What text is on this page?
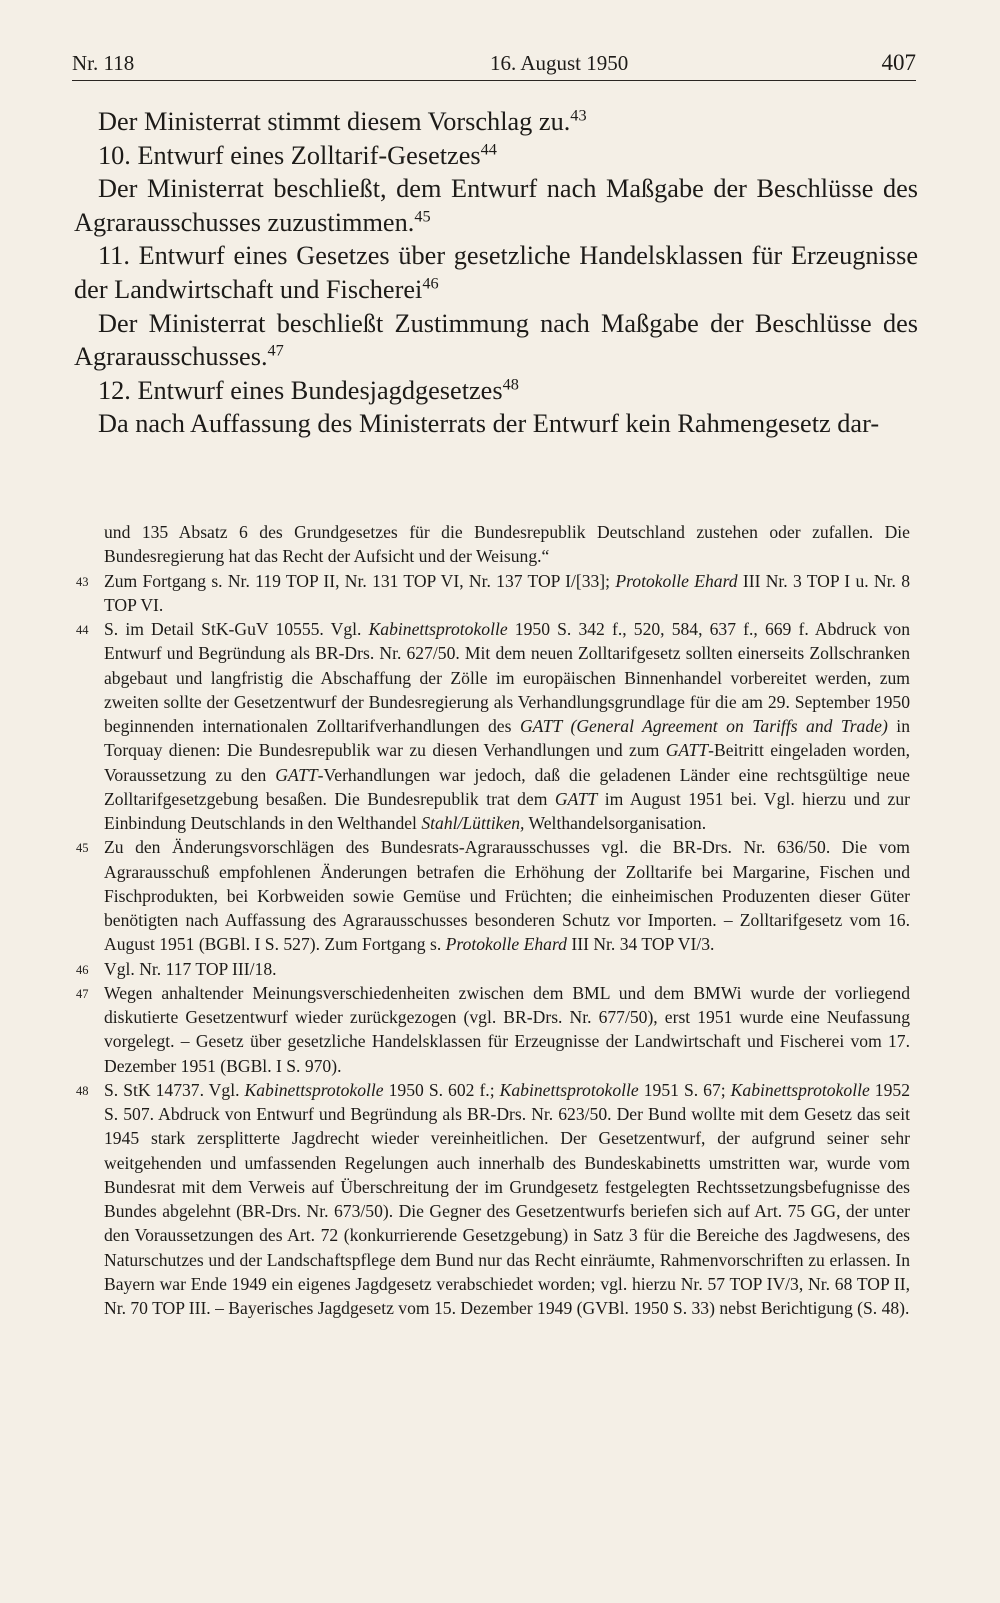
Nr. 118	16. August 1950	407

Der Ministerrat stimmt diesem Vorschlag zu.$^{43}$

10. Entwurf eines Zolltarif-Gesetzes$^{44}$

Der Ministerrat beschließt, dem Entwurf nach Maßgabe der Beschlüsse des Agrarausschusses zuzustimmen.$^{45}$

11. Entwurf eines Gesetzes über gesetzliche Handelsklassen für Erzeugnisse der Landwirtschaft und Fischerei$^{46}$

Der Ministerrat beschließt Zustimmung nach Maßgabe der Beschlüsse des Agrarausschusses.$^{47}$

12. Entwurf eines Bundesjagdgesetzes$^{48}$

Da nach Auffassung des Ministerrats der Entwurf kein Rahmengesetz dar-

und 135 Absatz 6 des Grundgesetzes für die Bundesrepublik Deutschland zustehen oder zufallen. Die Bundesregierung hat das Recht der Aufsicht und der Weisung.“
43 Zum Fortgang s. Nr. 119 TOP II, Nr. 131 TOP VI, Nr. 137 TOP I/[33]; Protokolle Ehard III Nr. 3 TOP I u. Nr. 8 TOP VI.
44 S. im Detail StK-GuV 10555. Vgl. Kabinettsprotokolle 1950 S. 342 f., 520, 584, 637 f., 669 f. Abdruck von Entwurf und Begründung als BR-Drs. Nr. 627/50. Mit dem neuen Zolltarifgesetz sollten einerseits Zollschranken abgebaut und langfristig die Abschaffung der Zölle im europäischen Binnenhandel vorbereitet werden, zum zweiten sollte der Gesetzentwurf der Bundesregierung als Verhandlungsgrundlage für die am 29. September 1950 beginnenden internationalen Zolltarifverhandlungen des GATT (General Agreement on Tariffs and Trade) in Torquay dienen: Die Bundesrepublik war zu diesen Verhandlungen und zum GATT-Beitritt eingeladen worden, Voraussetzung zu den GATT-Verhandlungen war jedoch, daß die geladenen Länder eine rechtsgültige neue Zolltarifgesetzgebung besaßen. Die Bundesrepublik trat dem GATT im August 1951 bei. Vgl. hierzu und zur Einbindung Deutschlands in den Welthandel Stahl/Lüttiken, Welthandelsorganisation.
45 Zu den Änderungsvorschlägen des Bundesrats-Agrarausschusses vgl. die BR-Drs. Nr. 636/50. Die vom Agrarausschuß empfohlenen Änderungen betrafen die Erhöhung der Zolltarife bei Margarine, Fischen und Fischprodukten, bei Korbweiden sowie Gemüse und Früchten; die einheimischen Produzenten dieser Güter benötigten nach Auffassung des Agrarausschusses besonderen Schutz vor Importen. – Zolltarifgesetz vom 16. August 1951 (BGBl. I S. 527). Zum Fortgang s. Protokolle Ehard III Nr. 34 TOP VI/3.
46 Vgl. Nr. 117 TOP III/18.
47 Wegen anhaltender Meinungsverschiedenheiten zwischen dem BML und dem BMWi wurde der vorliegend diskutierte Gesetzentwurf wieder zurückgezogen (vgl. BR-Drs. Nr. 677/50), erst 1951 wurde eine Neufassung vorgelegt. – Gesetz über gesetzliche Handelsklassen für Erzeugnisse der Landwirtschaft und Fischerei vom 17. Dezember 1951 (BGBl. I S. 970).
48 S. StK 14737. Vgl. Kabinettsprotokolle 1950 S. 602 f.; Kabinettsprotokolle 1951 S. 67; Kabinettsprotokolle 1952 S. 507. Abdruck von Entwurf und Begründung als BR-Drs. Nr. 623/50. Der Bund wollte mit dem Gesetz das seit 1945 stark zersplitterte Jagdrecht wieder vereinheitlichen. Der Gesetzentwurf, der aufgrund seiner sehr weitgehenden und umfassenden Regelungen auch innerhalb des Bundeskabinetts umstritten war, wurde vom Bundesrat mit dem Verweis auf Überschreitung der im Grundgesetz festgelegten Rechtssetzungsbefugnisse des Bundes abgelehnt (BR-Drs. Nr. 673/50). Die Gegner des Gesetzentwurfs beriefen sich auf Art. 75 GG, der unter den Voraussetzungen des Art. 72 (konkurrierende Gesetzgebung) in Satz 3 für die Bereiche des Jagdwesens, des Naturschutzes und der Landschaftspflege dem Bund nur das Recht einräumte, Rahmenvorschriften zu erlassen. In Bayern war Ende 1949 ein eigenes Jagdgesetz verabschiedet worden; vgl. hierzu Nr. 57 TOP IV/3, Nr. 68 TOP II, Nr. 70 TOP III. – Bayerisches Jagdgesetz vom 15. Dezember 1949 (GVBl. 1950 S. 33) nebst Berichtigung (S. 48).
